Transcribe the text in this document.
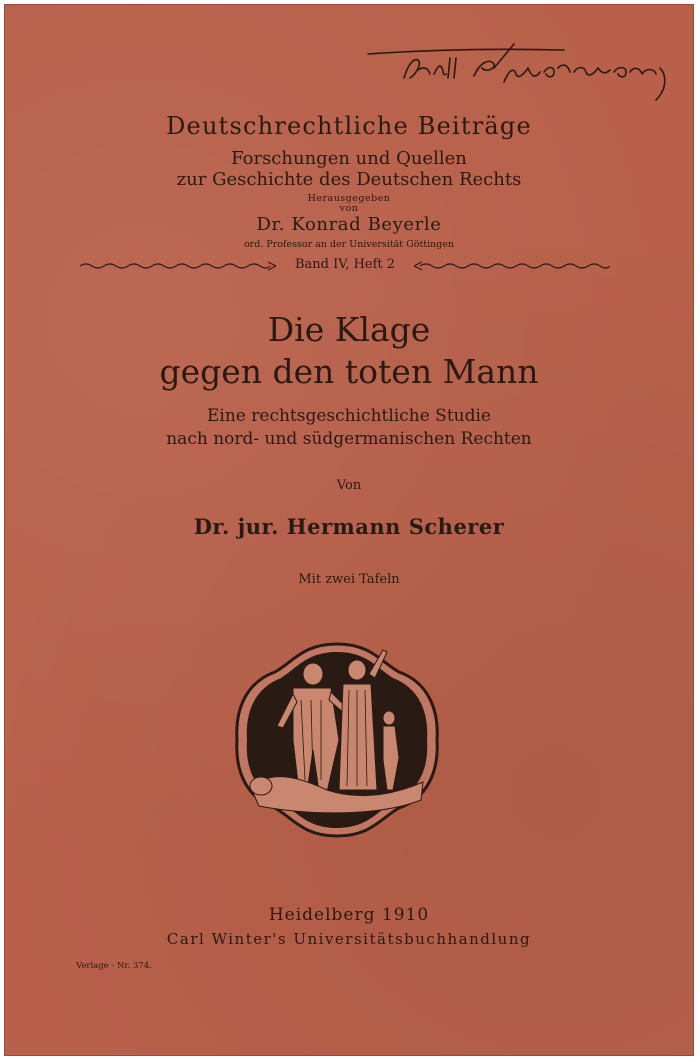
Deutschrechtliche Beiträge
Forschungen und Quellen
zur Geschichte des Deutschen Rechts
Herausgegeben
von
Dr. Konrad Beyerle
ord. Professor an der Universität Göttingen
Band IV, Heft 2
Die Klage
gegen den toten Mann
Eine rechtsgeschichtliche Studie
nach nord- und südgermanischen Rechten
Von
Dr. jur. Hermann Scherer
Mit zwei Tafeln
Heidelberg 1910
Carl Winter's Universitätsbuchhandlung
Verlage - Nr. 374.
